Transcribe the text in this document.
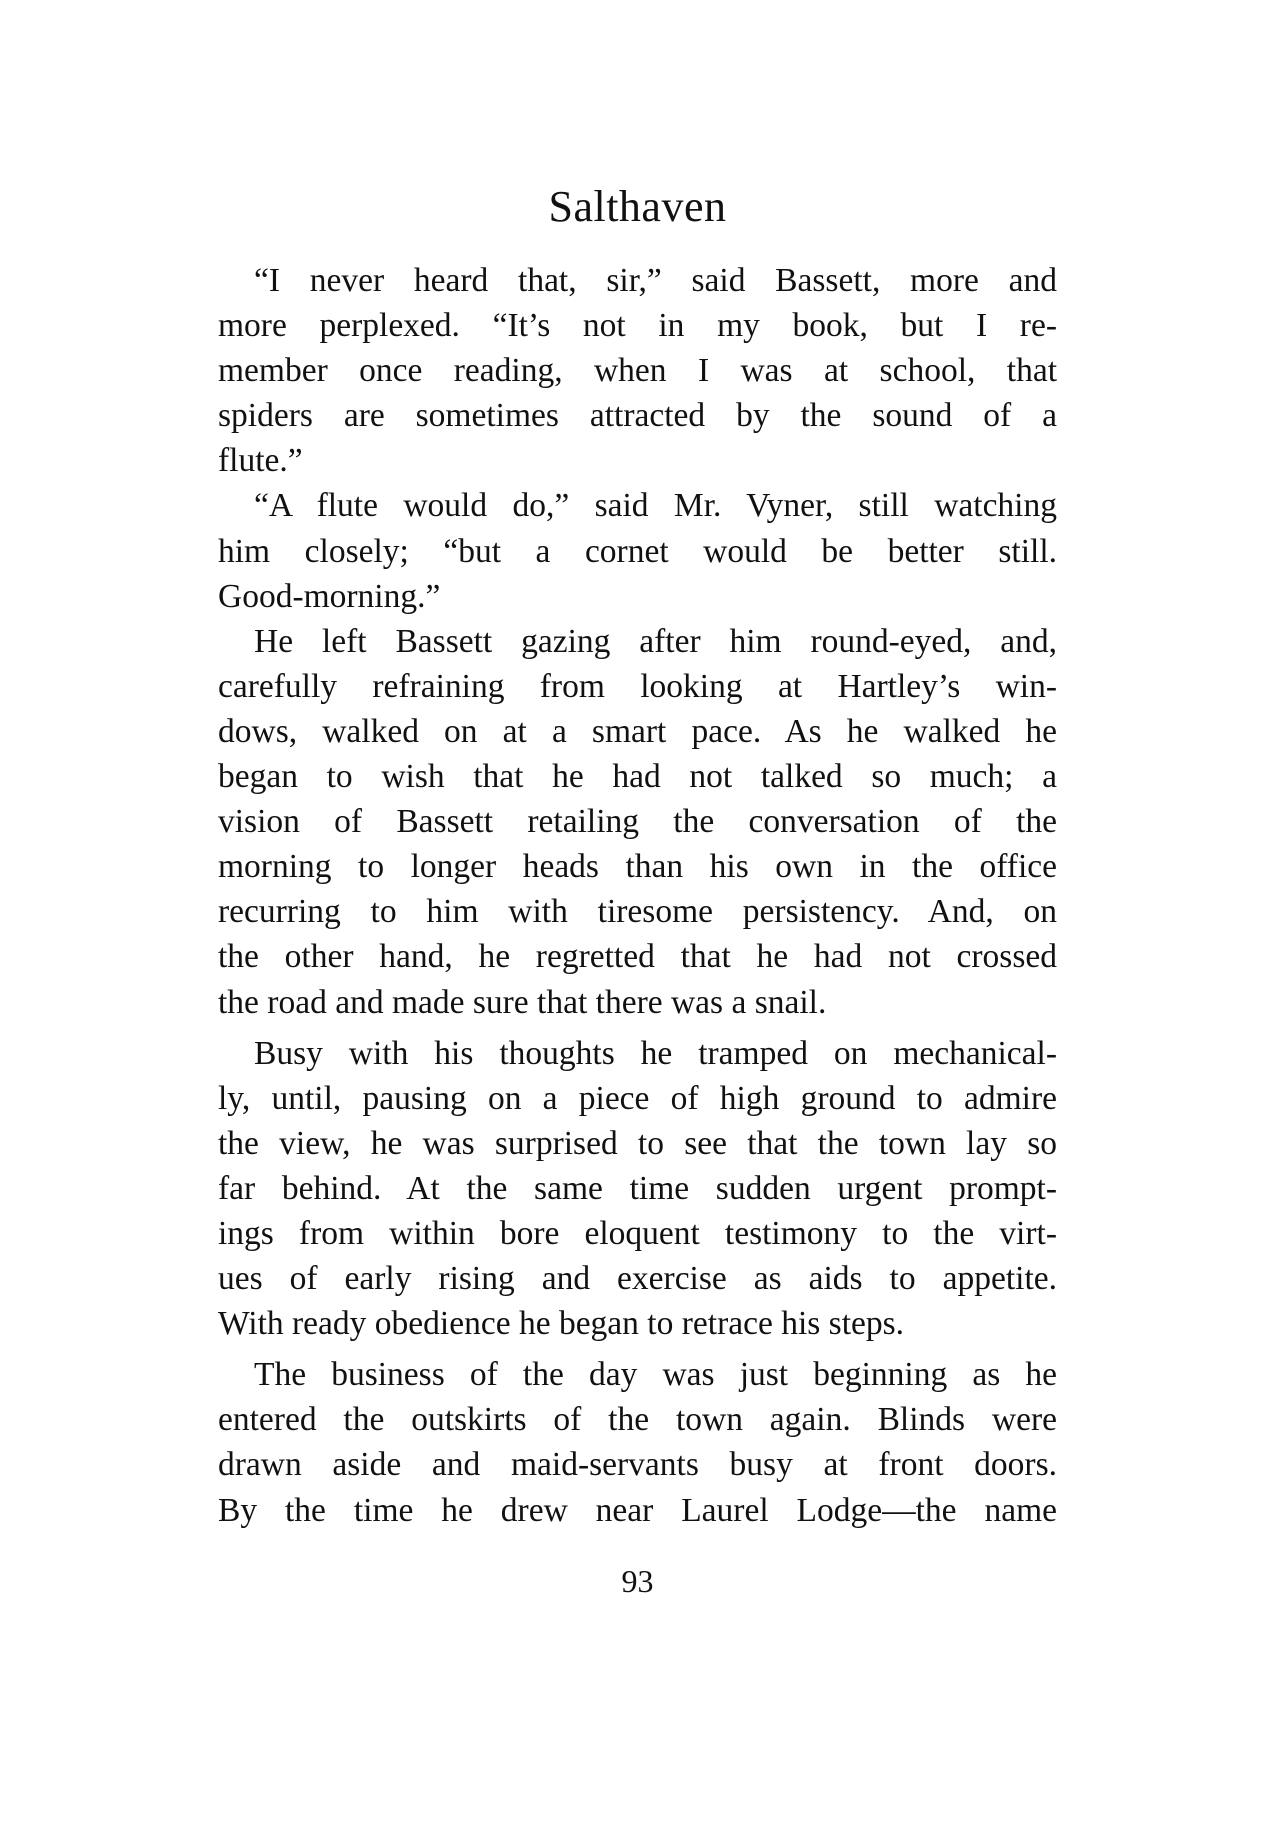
Salthaven
“I never heard that, sir,” said Bassett, more and
more perplexed. “It’s not in my book, but I re-
member once reading, when I was at school, that
spiders are sometimes attracted by the sound of a
flute.”
“A flute would do,” said Mr. Vyner, still watching
him closely; “but a cornet would be better still.
Good-morning.”
He left Bassett gazing after him round-eyed, and,
carefully refraining from looking at Hartley’s win-
dows, walked on at a smart pace. As he walked he
began to wish that he had not talked so much; a
vision of Bassett retailing the conversation of the
morning to longer heads than his own in the office
recurring to him with tiresome persistency. And, on
the other hand, he regretted that he had not crossed
the road and made sure that there was a snail.
Busy with his thoughts he tramped on mechanical-
ly, until, pausing on a piece of high ground to admire
the view, he was surprised to see that the town lay so
far behind. At the same time sudden urgent prompt-
ings from within bore eloquent testimony to the virt-
ues of early rising and exercise as aids to appetite.
With ready obedience he began to retrace his steps.
The business of the day was just beginning as he
entered the outskirts of the town again. Blinds were
drawn aside and maid-servants busy at front doors.
By the time he drew near Laurel Lodge—the name
93
